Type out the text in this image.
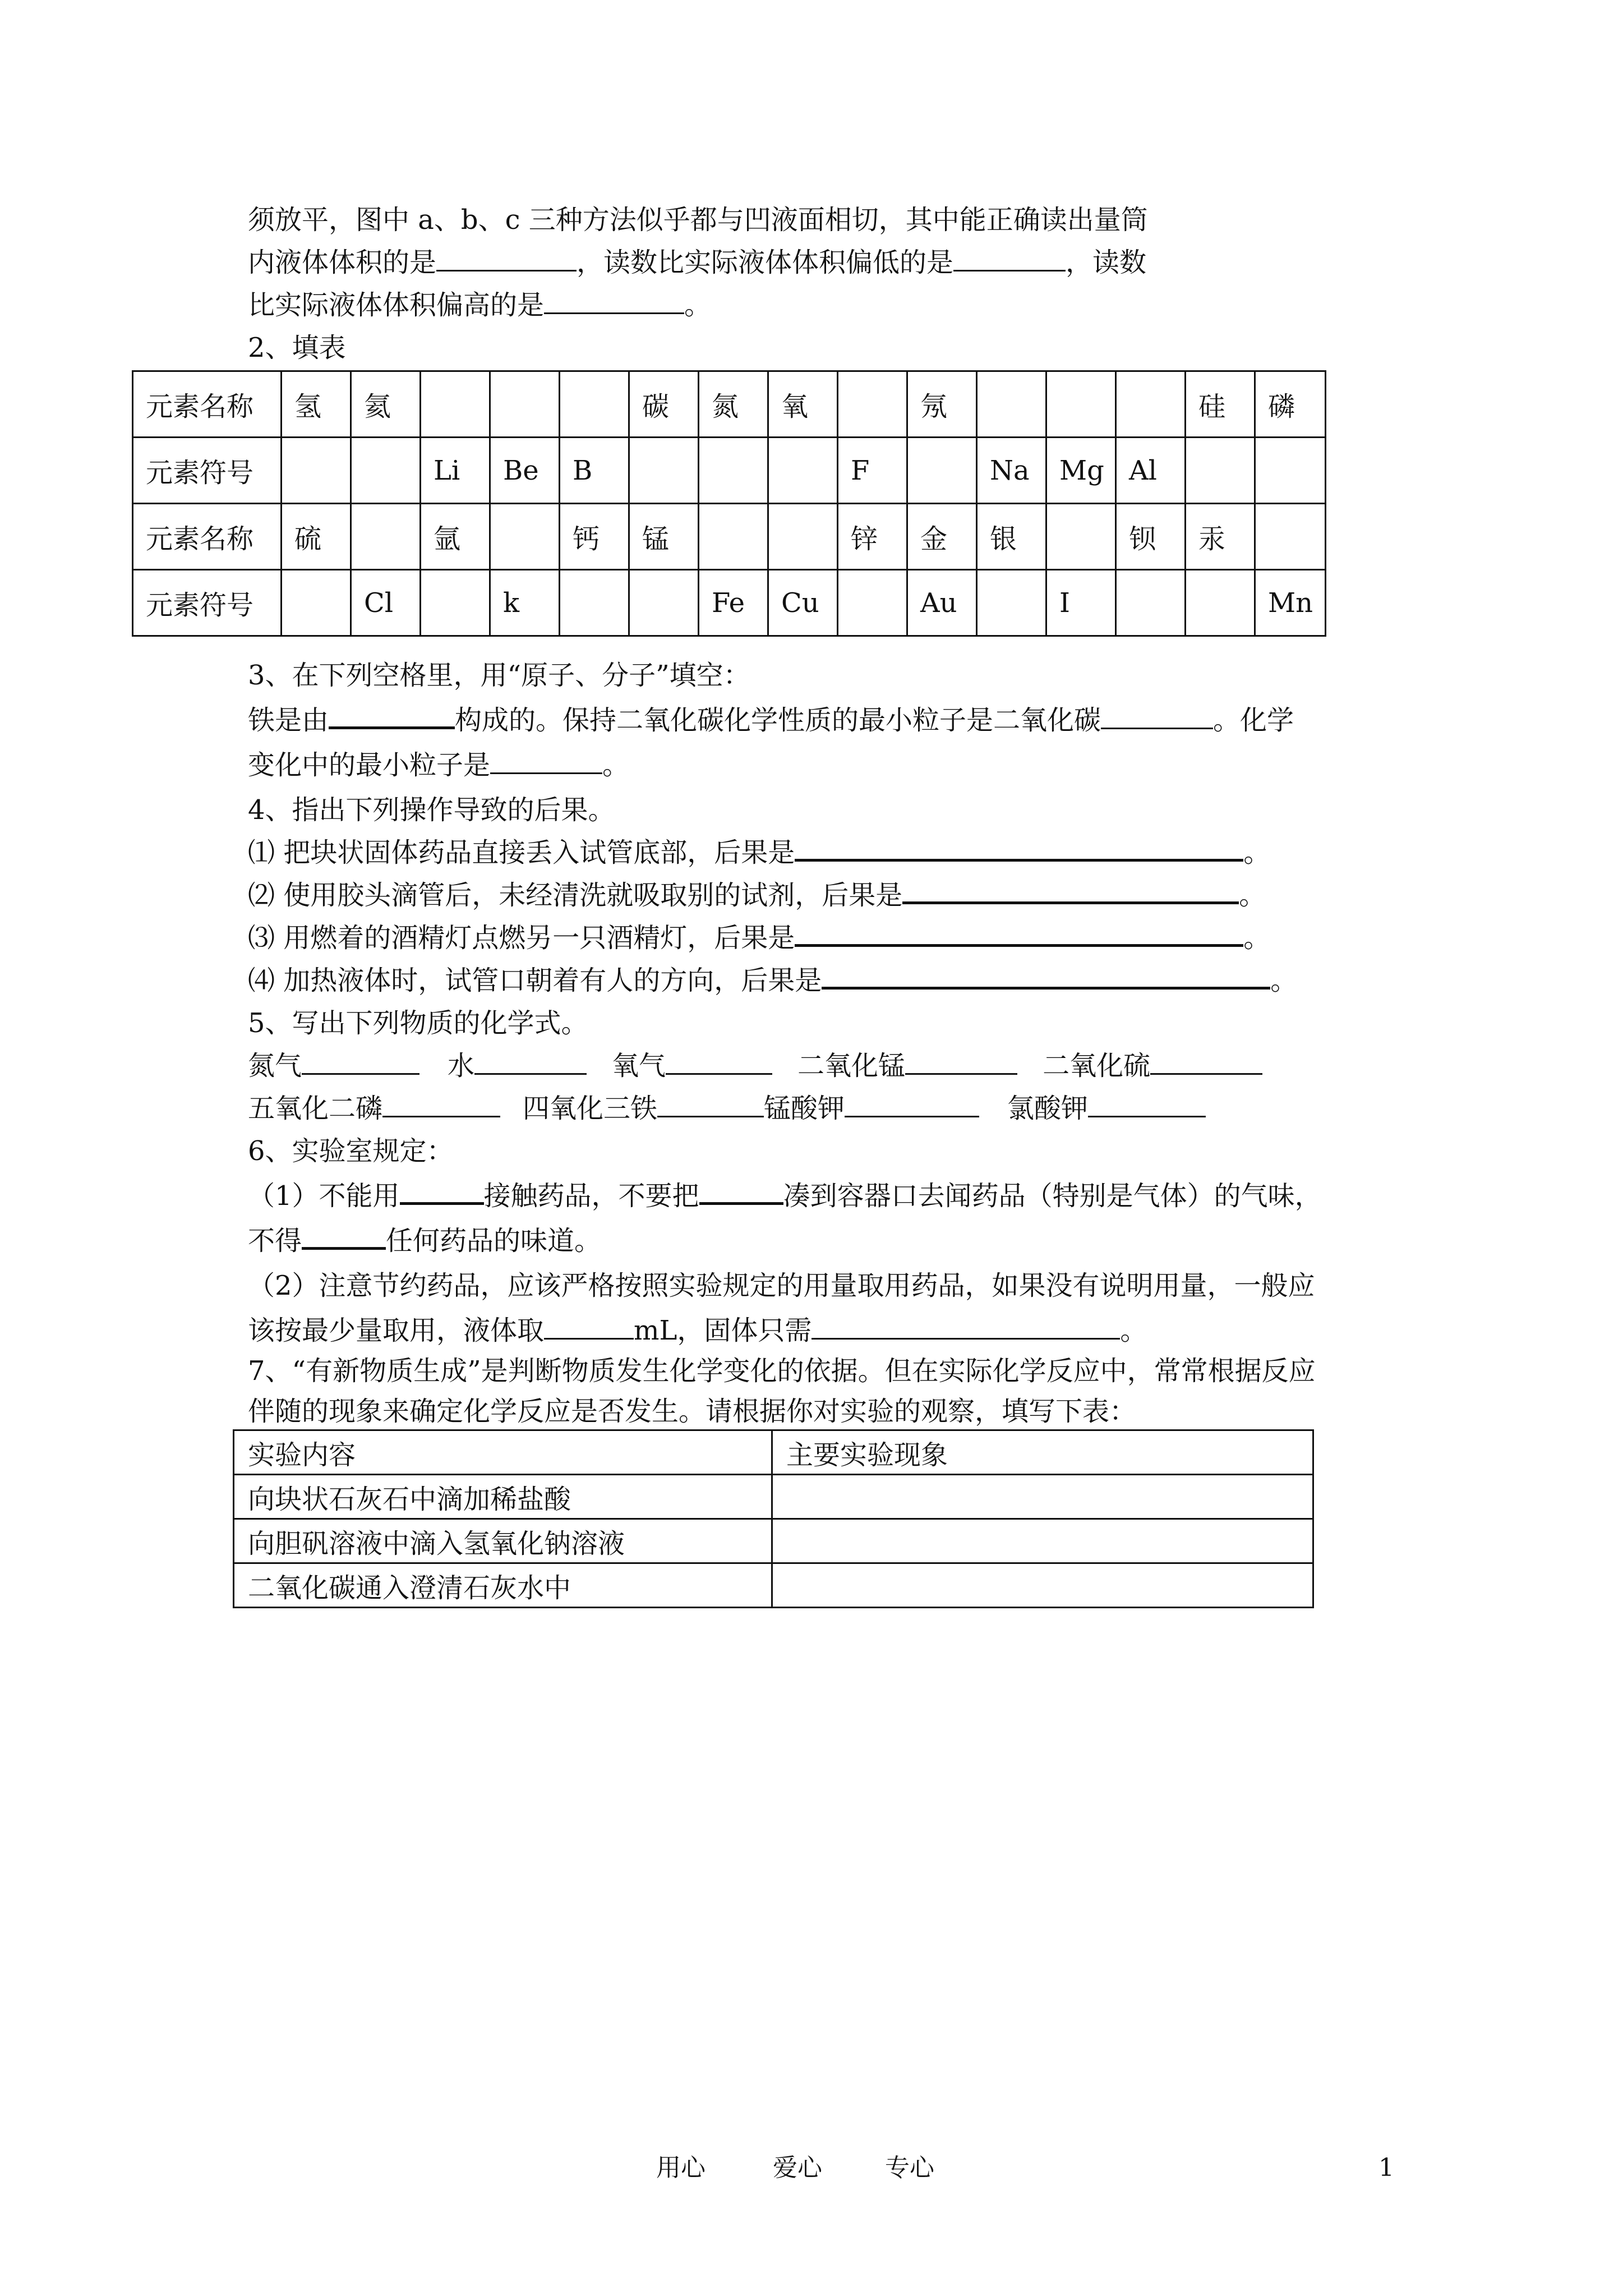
须放平，图中 a、b、c 三种方法似乎都与凹液面相切，其中能正确读出量筒
内液体体积的是	，读数比实际液体体积偏低的是	，读数
比实际液体体积偏高的是	。
2、填表
元素名称	氢	氦				碳	氮	氧		氖				硅	磷
元素符号			Li	Be	B				F		Na	Mg	Al		
元素名称	硫		氩		钙	锰			锌	金	银		钡	汞	
元素符号		Cl		k			Fe	Cu		Au		I			Mn
3、在下列空格里，用“原子、分子”填空：
铁是由	构成的。保持二氧化碳化学性质的最小粒子是二氧化碳	。化学
变化中的最小粒子是	。
4、指出下列操作导致的后果。
⑴ 把块状固体药品直接丢入试管底部，后果是	。
⑵ 使用胶头滴管后，未经清洗就吸取别的试剂，后果是	。
⑶ 用燃着的酒精灯点燃另一只酒精灯，后果是	。
⑷ 加热液体时，试管口朝着有人的方向，后果是	。
5、写出下列物质的化学式。
氮气	水	氧气	二氧化锰	二氧化硫
五氧化二磷	四氧化三铁	锰酸钾	氯酸钾
6、实验室规定：
（1）不能用	接触药品，不要把	凑到容器口去闻药品（特别是气体）的气味，
不得	任何药品的味道。
（2）注意节约药品，应该严格按照实验规定的用量取用药品，如果没有说明用量，一般应
该按最少量取用，液体取	mL，固体只需	。
7、“有新物质生成”是判断物质发生化学变化的依据。但在实际化学反应中，常常根据反应
伴随的现象来确定化学反应是否发生。请根据你对实验的观察，填写下表：
实验内容	主要实验现象
向块状石灰石中滴加稀盐酸	
向胆矾溶液中滴入氢氧化钠溶液	
二氧化碳通入澄清石灰水中	
用心	爱心	专心	1
